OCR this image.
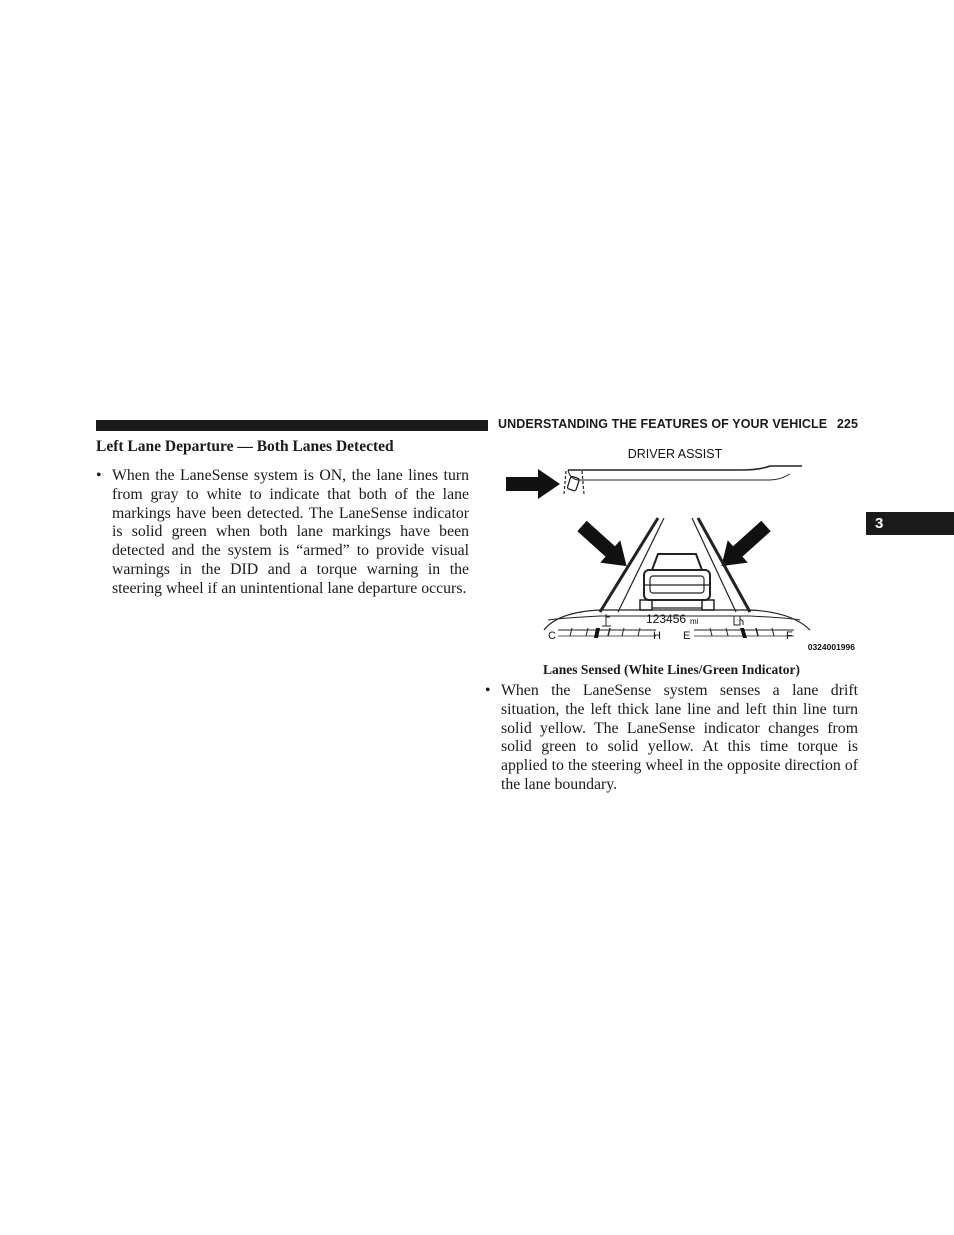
UNDERSTANDING THE FEATURES OF YOUR VEHICLE 225
3
Left Lane Departure — Both Lanes Detected
• When the LaneSense system is ON, the lane lines turn from gray to white to indicate that both of the lane markings have been detected. The LaneSense indicator is solid green when both lane markings have been detected and the system is “armed” to provide visual warnings in the DID and a torque warning in the steering wheel if an unintentional lane departure occurs.
DRIVER ASSIST
123456 mi
C	H E	F
0324001996
Lanes Sensed (White Lines/Green Indicator)
• When the LaneSense system senses a lane drift situation, the left thick lane line and left thin line turn solid yellow. The LaneSense indicator changes from solid green to solid yellow. At this time torque is applied to the steering wheel in the opposite direction of the lane boundary.
